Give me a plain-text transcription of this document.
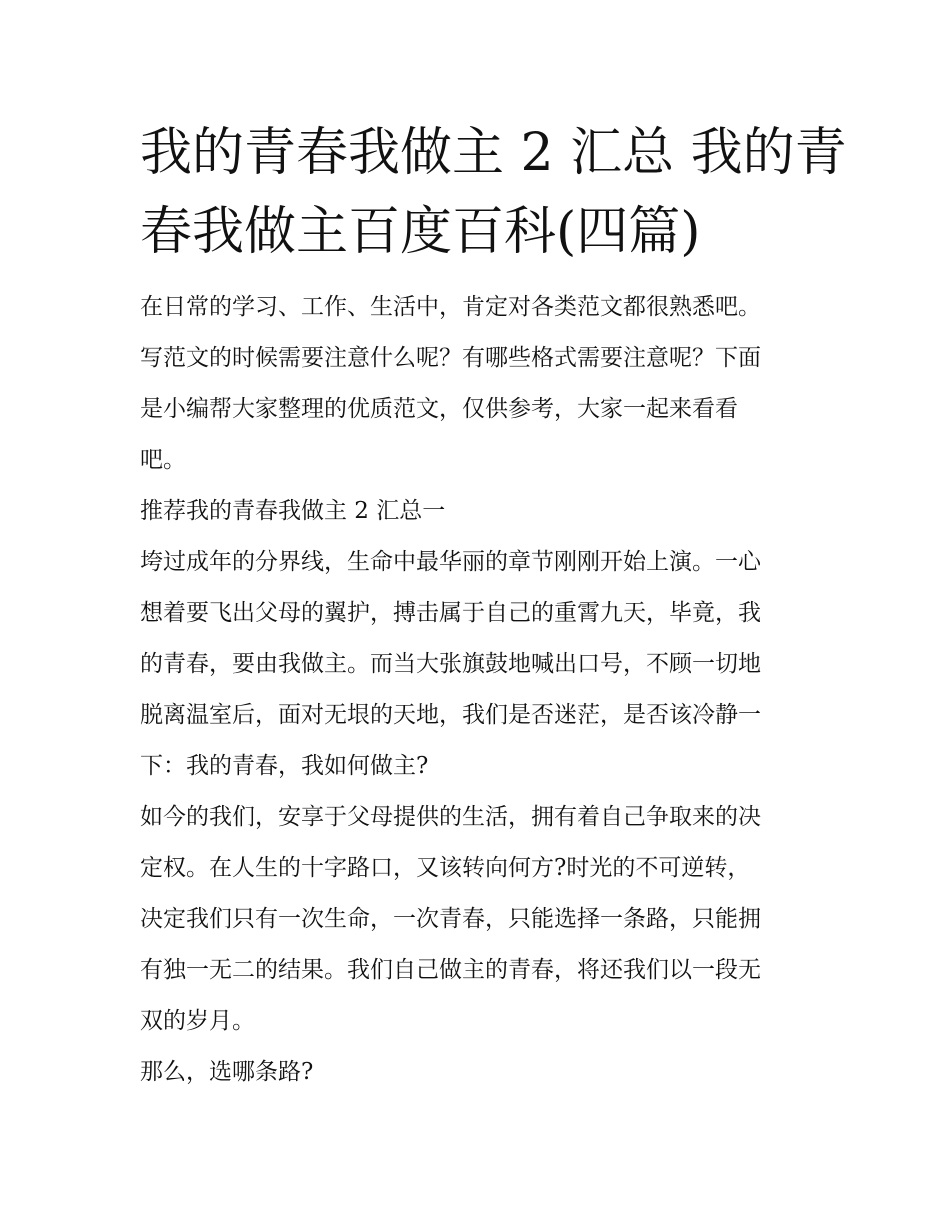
我的青春我做主 2 汇总 我的青
春我做主百度百科(四篇)
在日常的学习、工作、生活中，肯定对各类范文都很熟悉吧。
写范文的时候需要注意什么呢？有哪些格式需要注意呢？下面
是小编帮大家整理的优质范文，仅供参考，大家一起来看看
吧。
推荐我的青春我做主 2 汇总一
垮过成年的分界线，生命中最华丽的章节刚刚开始上演。一心
想着要飞出父母的翼护，搏击属于自己的重霄九天，毕竟，我
的青春，要由我做主。而当大张旗鼓地喊出口号，不顾一切地
脱离温室后，面对无垠的天地，我们是否迷茫，是否该冷静一
下：我的青春，我如何做主?
如今的我们，安享于父母提供的生活，拥有着自己争取来的决
定权。在人生的十字路口，又该转向何方?时光的不可逆转，
决定我们只有一次生命，一次青春，只能选择一条路，只能拥
有独一无二的结果。我们自己做主的青春，将还我们以一段无
双的岁月。
那么，选哪条路?
